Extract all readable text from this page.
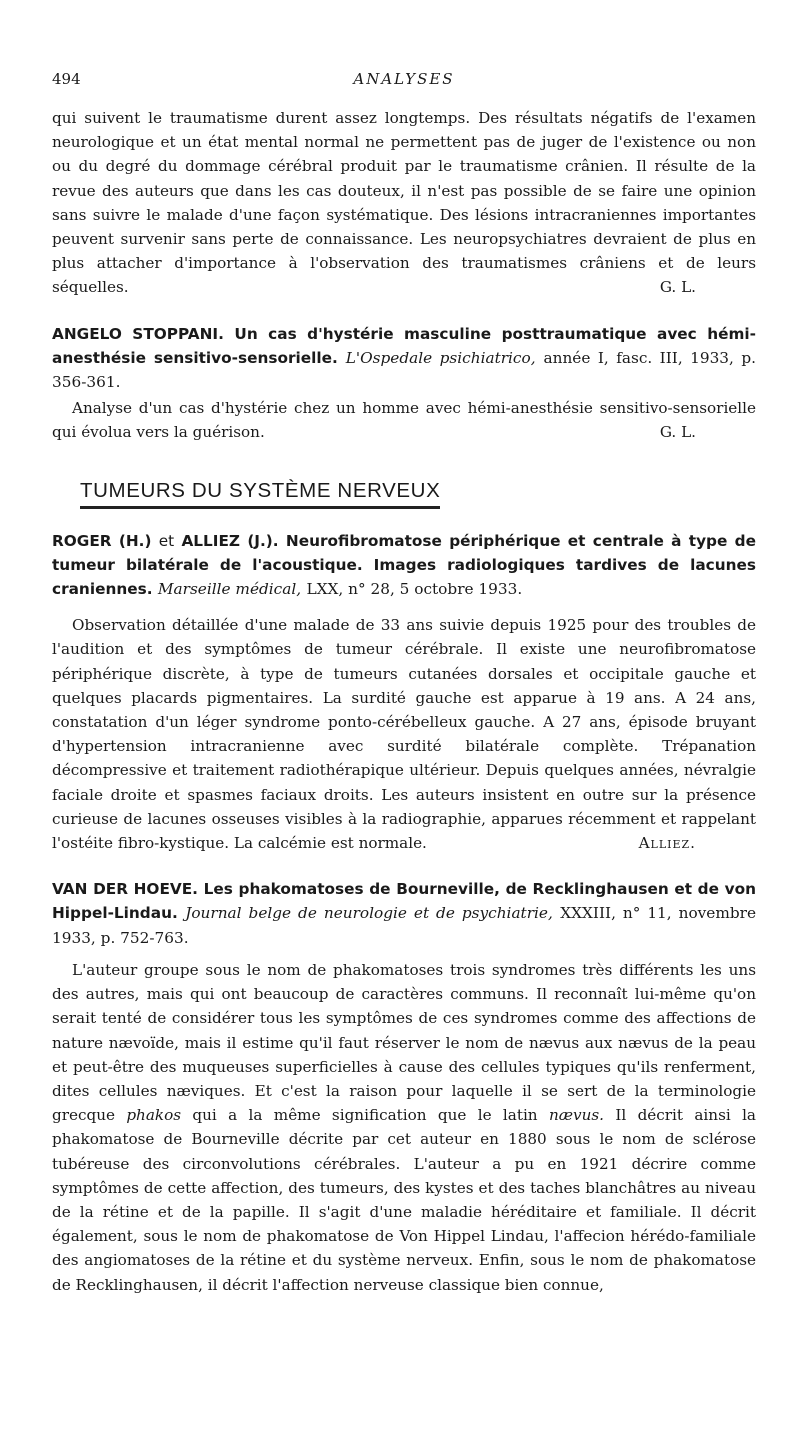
494	ANALYSES

qui suivent le traumatisme durent assez longtemps. Des résultats négatifs de l'examen neurologique et un état mental normal ne permettent pas de juger de l'existence ou non ou du degré du dommage cérébral produit par le traumatisme crânien. Il résulte de la revue des auteurs que dans les cas douteux, il n'est pas possible de se faire une opinion sans suivre le malade d'une façon systématique. Des lésions intracraniennes importantes peuvent survenir sans perte de connaissance. Les neuropsychiatres devraient de plus en plus attacher d'importance à l'observation des traumatismes crâniens et de leurs séquelles.	G. L.

ANGELO STOPPANI. Un cas d'hystérie masculine posttraumatique avec hémi-anesthésie sensitivo-sensorielle. L'Ospedale psichiatrico, année I, fasc. III, 1933, p. 356-361.

Analyse d'un cas d'hystérie chez un homme avec hémi-anesthésie sensitivo-sensorielle qui évolua vers la guérison.	G. L.

TUMEURS DU SYSTÈME NERVEUX

ROGER (H.) et ALLIEZ (J.). Neurofibromatose périphérique et centrale à type de tumeur bilatérale de l'acoustique. Images radiologiques tardives de lacunes craniennes. Marseille médical, LXX, n° 28, 5 octobre 1933.

Observation détaillée d'une malade de 33 ans suivie depuis 1925 pour des troubles de l'audition et des symptômes de tumeur cérébrale. Il existe une neurofibromatose périphérique discrète, à type de tumeurs cutanées dorsales et occipitale gauche et quelques placards pigmentaires. La surdité gauche est apparue à 19 ans. A 24 ans, constatation d'un léger syndrome ponto-cérébelleux gauche. A 27 ans, épisode bruyant d'hypertension intracranienne avec surdité bilatérale complète. Trépanation décompressive et traitement radiothérapique ultérieur. Depuis quelques années, névralgie faciale droite et spasmes faciaux droits. Les auteurs insistent en outre sur la présence curieuse de lacunes osseuses visibles à la radiographie, apparues récemment et rappelant l'ostéite fibro-kystique. La calcémie est normale.	Alliez.

VAN DER HOEVE. Les phakomatoses de Bourneville, de Recklinghausen et de von Hippel-Lindau. Journal belge de neurologie et de psychiatrie, XXXIII, n° 11, novembre 1933, p. 752-763.

L'auteur groupe sous le nom de phakomatoses trois syndromes très différents les uns des autres, mais qui ont beaucoup de caractères communs. Il reconnaît lui-même qu'on serait tenté de considérer tous les symptômes de ces syndromes comme des affections de nature nævoïde, mais il estime qu'il faut réserver le nom de nævus aux nævus de la peau et peut-être des muqueuses superficielles à cause des cellules typiques qu'ils renferment, dites cellules næviques. Et c'est la raison pour laquelle il se sert de la terminologie grecque phakos qui a la même signification que le latin nævus. Il décrit ainsi la phakomatose de Bourneville décrite par cet auteur en 1880 sous le nom de sclérose tubéreuse des circonvolutions cérébrales. L'auteur a pu en 1921 décrire comme symptômes de cette affection, des tumeurs, des kystes et des taches blanchâtres au niveau de la rétine et de la papille. Il s'agit d'une maladie héréditaire et familiale. Il décrit également, sous le nom de phakomatose de Von Hippel Lindau, l'affecion hérédo-familiale des angiomatoses de la rétine et du système nerveux. Enfin, sous le nom de phakomatose de Recklinghausen, il décrit l'affection nerveuse classique bien connue,
